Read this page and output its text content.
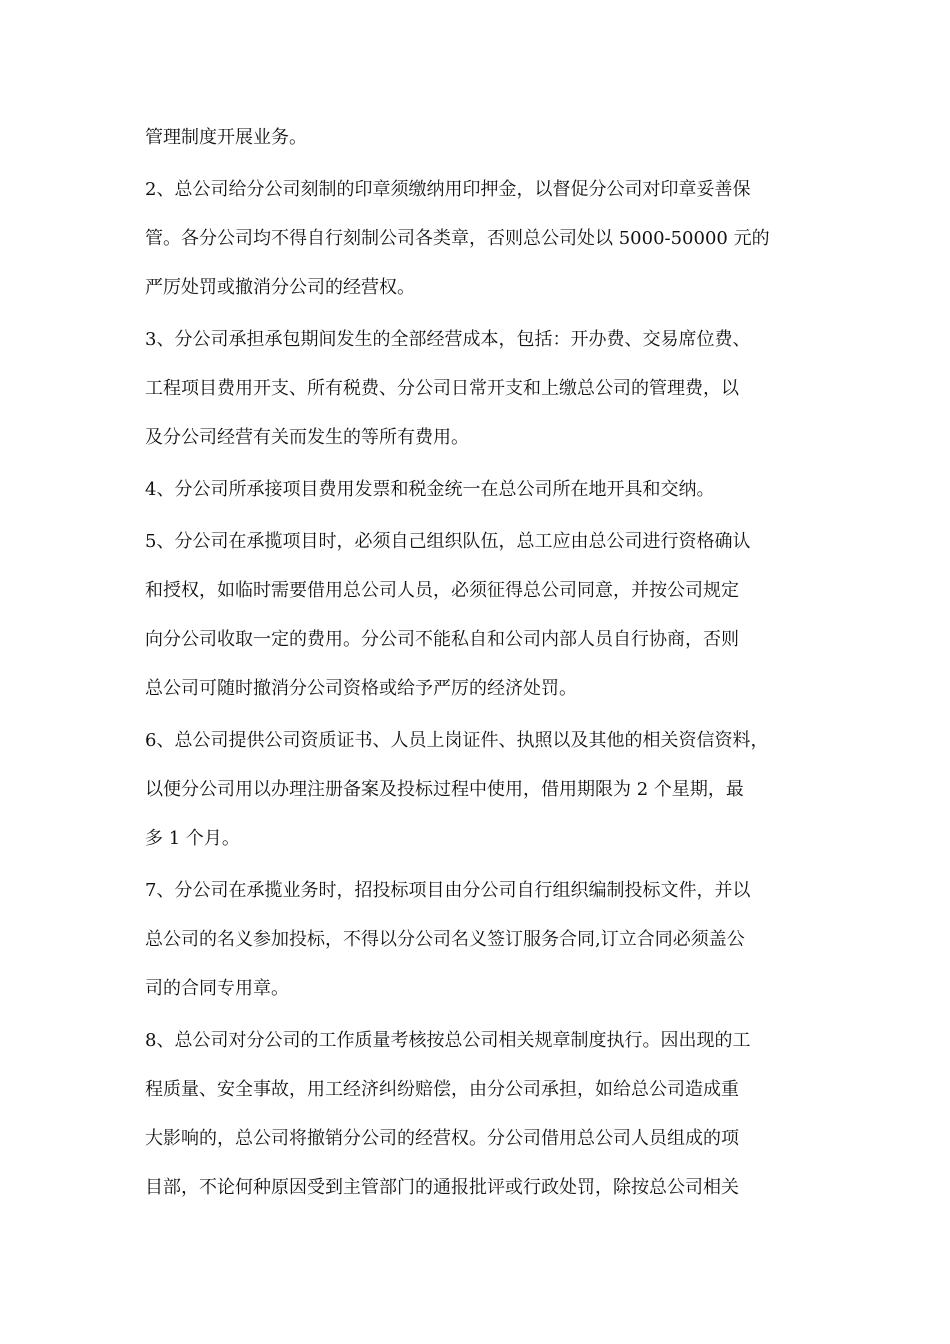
管理制度开展业务。
2、总公司给分公司刻制的印章须缴纳用印押金，以督促分公司对印章妥善保
管。各分公司均不得自行刻制公司各类章，否则总公司处以 5000-50000 元的
严厉处罚或撤消分公司的经营权。
3、分公司承担承包期间发生的全部经营成本，包括：开办费、交易席位费、
工程项目费用开支、所有税费、分公司日常开支和上缴总公司的管理费，以
及分公司经营有关而发生的等所有费用。
4、分公司所承接项目费用发票和税金统一在总公司所在地开具和交纳。
5、分公司在承揽项目时，必须自己组织队伍，总工应由总公司进行资格确认
和授权，如临时需要借用总公司人员，必须征得总公司同意，并按公司规定
向分公司收取一定的费用。分公司不能私自和公司内部人员自行协商，否则
总公司可随时撤消分公司资格或给予严厉的经济处罚。
6、总公司提供公司资质证书、人员上岗证件、执照以及其他的相关资信资料，
以便分公司用以办理注册备案及投标过程中使用，借用期限为 2 个星期，最
多 1 个月。
7、分公司在承揽业务时，招投标项目由分公司自行组织编制投标文件，并以
总公司的名义参加投标，不得以分公司名义签订服务合同,订立合同必须盖公
司的合同专用章。
8、总公司对分公司的工作质量考核按总公司相关规章制度执行。因出现的工
程质量、安全事故，用工经济纠纷赔偿，由分公司承担，如给总公司造成重
大影响的，总公司将撤销分公司的经营权。分公司借用总公司人员组成的项
目部，不论何种原因受到主管部门的通报批评或行政处罚，除按总公司相关
